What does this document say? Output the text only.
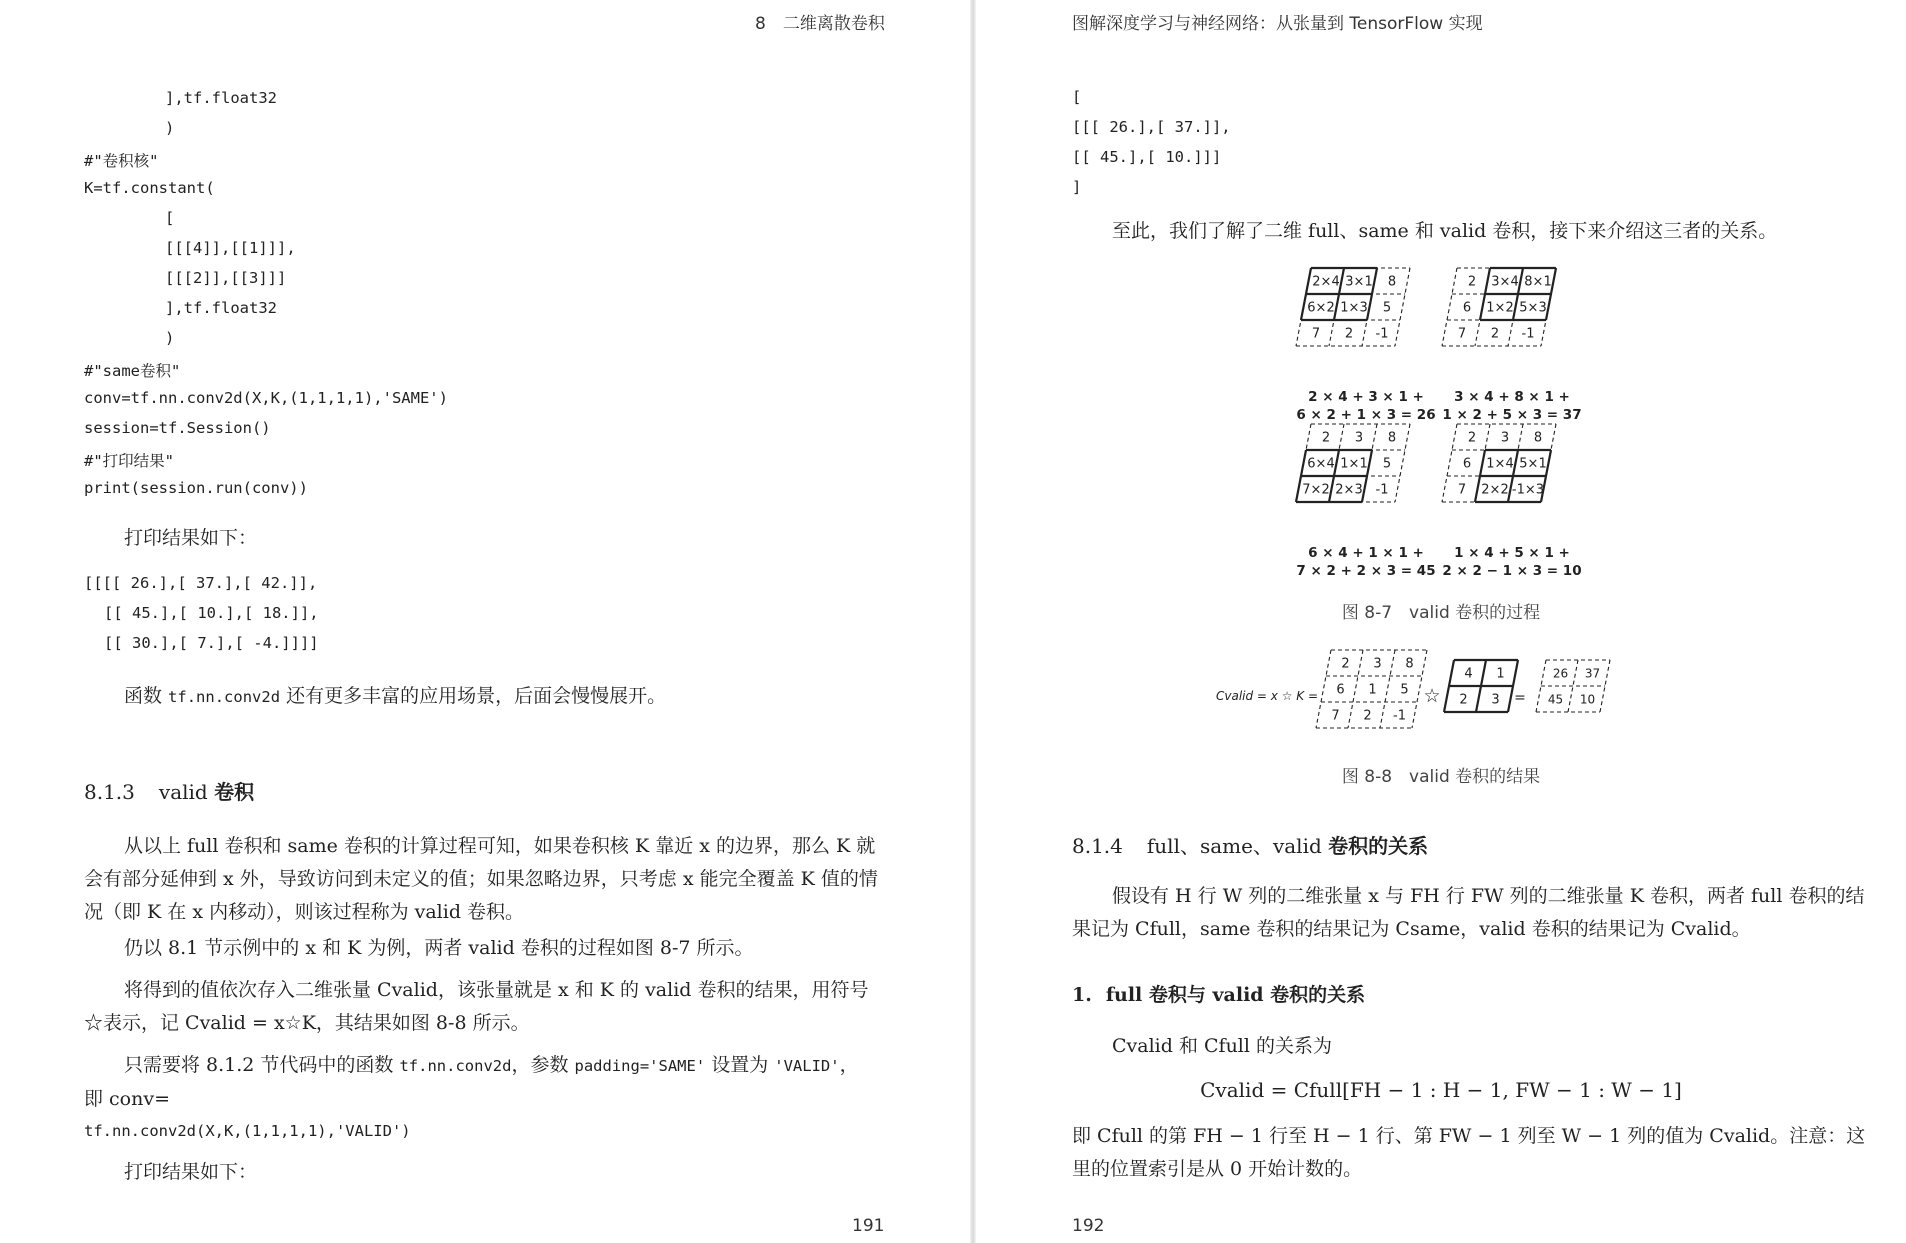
8　二维离散卷积
],tf.float32
)
#"卷积核"
K=tf.constant(
[
[[[4]],[[1]]],
[[[2]],[[3]]]
],tf.float32
)
#"same卷积"
conv=tf.nn.conv2d(X,K,(1,1,1,1),'SAME')
session=tf.Session()
#"打印结果"
print(session.run(conv))
打印结果如下：
[[[[ 26.],[ 37.],[ 42.]],
[[ 45.],[ 10.],[ 18.]],
[[ 30.],[ 7.],[ -4.]]]]
函数 tf.nn.conv2d 还有更多丰富的应用场景，后面会慢慢展开。
8.1.3 valid 卷积
从以上 full 卷积和 same 卷积的计算过程可知，如果卷积核 K 靠近 x 的边界，那么 K 就会有部分延伸到 x 外，导致访问到未定义的值；如果忽略边界，只考虑 x 能完全覆盖 K 值的情况（即 K 在 x 内移动），则该过程称为 valid 卷积。
仍以 8.1 节示例中的 x 和 K 为例，两者 valid 卷积的过程如图 8-7 所示。
将得到的值依次存入二维张量 Cvalid，该张量就是 x 和 K 的 valid 卷积的结果，用符号☆表示，记 Cvalid = x☆K，其结果如图 8-8 所示。
只需要将 8.1.2 节代码中的函数 tf.nn.conv2d，参数 padding='SAME' 设置为 'VALID'，
即 conv=
tf.nn.conv2d(X,K,(1,1,1,1),'VALID')
打印结果如下：
191
图解深度学习与神经网络：从张量到 TensorFlow 实现
[
[[[ 26.],[ 37.]],
[[ 45.],[ 10.]]]
]
至此，我们了解了二维 full、same 和 valid 卷积，接下来介绍这三者的关系。
2×4 3×1 8
6×2 1×3 5
7 2 -1
2 3×4 8×1
6 1×2 5×3
7 2 -1
2 3 8
6×4 1×1 5
7×2 2×3 -1
2 3 8
6 1×4 5×1
7 2×2 -1×3
2 × 4 + 3 × 1 +
6 × 2 + 1 × 3 = 26
3 × 4 + 8 × 1 +
1 × 2 + 5 × 3 = 37
6 × 4 + 1 × 1 +
7 × 2 + 2 × 3 = 45
1 × 4 + 5 × 1 +
2 × 2 − 1 × 3 = 10
图 8-7　valid 卷积的过程
Cvalid = x ☆ K =
2 3 8
6 1 5
7 2 -1
☆
4 1
2 3 =
26 37
45 10
图 8-8　valid 卷积的结果
8.1.4 full、same、valid 卷积的关系
假设有 H 行 W 列的二维张量 x 与 FH 行 FW 列的二维张量 K 卷积，两者 full 卷积的结果记为 Cfull，same 卷积的结果记为 Csame，valid 卷积的结果记为 Cvalid。
1. full 卷积与 valid 卷积的关系
Cvalid 和 Cfull 的关系为
Cvalid = Cfull[FH − 1 : H − 1, FW − 1 : W − 1]
即 Cfull 的第 FH − 1 行至 H − 1 行、第 FW − 1 列至 W − 1 列的值为 Cvalid。注意：这里的位置索引是从 0 开始计数的。
192
